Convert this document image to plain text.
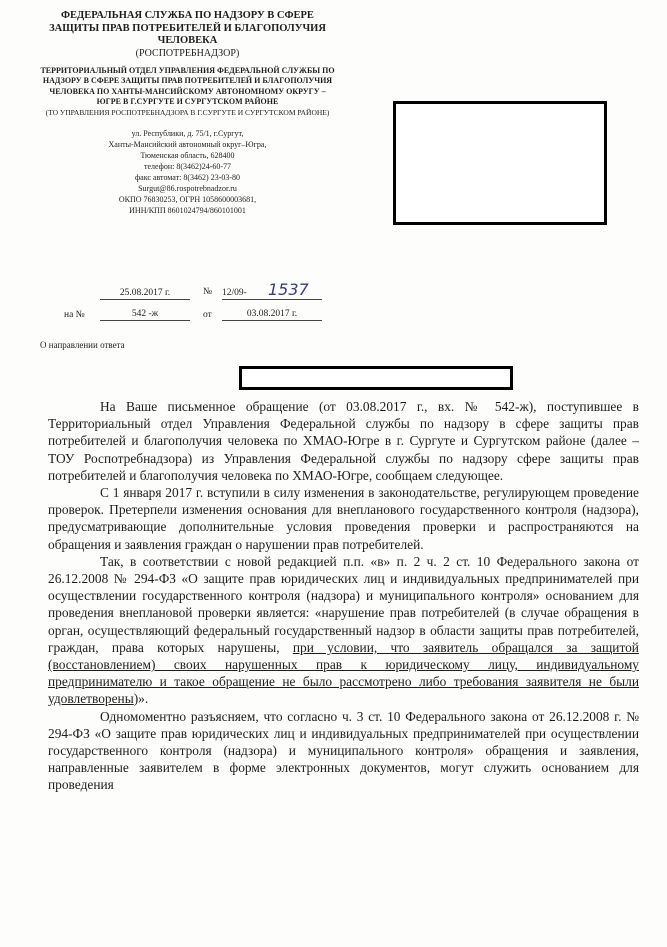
ФЕДЕРАЛЬНАЯ СЛУЖБА ПО НАДЗОРУ В СФЕРЕ ЗАЩИТЫ ПРАВ ПОТРЕБИТЕЛЕЙ И БЛАГОПОЛУЧИЯ ЧЕЛОВЕКА
(РОСПОТРЕБНАДЗОР)
ТЕРРИТОРИАЛЬНЫЙ ОТДЕЛ УПРАВЛЕНИЯ ФЕДЕРАЛЬНОЙ СЛУЖБЫ ПО НАДЗОРУ В СФЕРЕ ЗАЩИТЫ ПРАВ ПОТРЕБИТЕЛЕЙ И БЛАГОПОЛУЧИЯ ЧЕЛОВЕКА ПО ХАНТЫ-МАНСИЙСКОМУ АВТОНОМНОМУ ОКРУГУ – ЮГРЕ В Г.СУРГУТЕ И СУРГУТСКОМ РАЙОНЕ
(ТО УПРАВЛЕНИЯ РОСПОТРЕБНАДЗОРА В Г.СУРГУТЕ И СУРГУТСКОМ РАЙОНЕ)
ул. Республики, д. 75/1, г.Сургут,
Ханты-Мансийский автономный округ–Югра,
Тюменская область, 628400
телефон: 8(3462)24-60-77
факс автомат: 8(3462) 23-03-80
Surgut@86.rospotrebnadzor.ru
ОКПО 76830253, ОГРН 1058600003681,
ИНН/КПП 8601024794/860101001
25.08.2017 г.	№ 12/09-	1537
на №	542 -ж	от	03.08.2017 г.
О направлении ответа

На Ваше письменное обращение (от 03.08.2017 г., вх. № 542-ж), поступившее в Территориальный отдел Управления Федеральной службы по надзору в сфере защиты прав потребителей и благополучия человека по ХМАО-Югре в г. Сургуте и Сургутском районе (далее – ТОУ Роспотребнадзора) из Управления Федеральной службы по надзору сфере защиты прав потребителей и благополучия человека по ХМАО-Югре, сообщаем следующее.

С 1 января 2017 г. вступили в силу изменения в законодательстве, регулирующем проведение проверок. Претерпели изменения основания для внепланового государственного контроля (надзора), предусматривающие дополнительные условия проведения проверки и распространяются на обращения и заявления граждан о нарушении прав потребителей.

Так, в соответствии с новой редакцией п.п. «в» п. 2 ч. 2 ст. 10 Федерального закона от 26.12.2008 № 294-ФЗ «О защите прав юридических лиц и индивидуальных предпринимателей при осуществлении государственного контроля (надзора) и муниципального контроля» основанием для проведения внеплановой проверки является: «нарушение прав потребителей (в случае обращения в орган, осуществляющий федеральный государственный надзор в области защиты прав потребителей, граждан, права которых нарушены, при условии, что заявитель обращался за защитой (восстановлением) своих нарушенных прав к юридическому лицу, индивидуальному предпринимателю и такое обращение не было рассмотрено либо требования заявителя не были удовлетворены)».

Одномоментно разъясняем, что согласно ч. 3 ст. 10 Федерального закона от 26.12.2008 г. № 294-ФЗ «О защите прав юридических лиц и индивидуальных предпринимателей при осуществлении государственного контроля (надзора) и муниципального контроля» обращения и заявления, направленные заявителем в форме электронных документов, могут служить основанием для проведения
